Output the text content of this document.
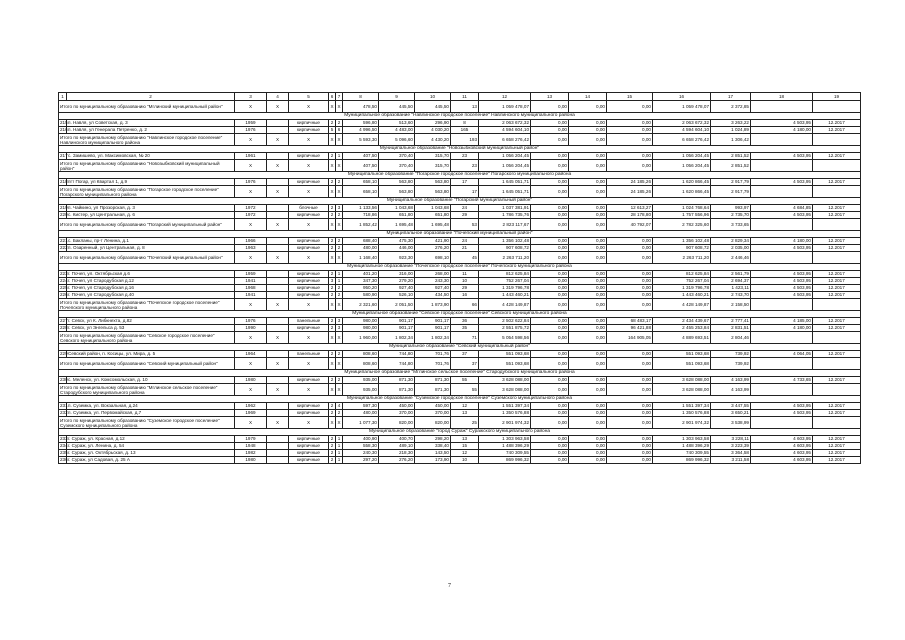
1	2	3	4	5	6	7	8	9	10	11	12	13	14	15	16	17	18	19
Итого по муниципальному образованию "Мглинский муниципальный район"		X	X	X	X	X	478,50	445,50	445,50	13	1 059 478,07	0,00	0,00	0,00	1 059 478,07	2 372,85		
Муниципальное образование "Навлинское городское поселение" Навлинского муниципального района																		
215	п. Навля, ул Советская, д. 3	1959		кирпичные	2	2	596,80	513,60	296,90	8	2 063 672,32	0,00	0,00	0,00	2 063 672,32	3 263,22	4 503,95	12.2017
216	п. Навля, ул Генерала Петренко, д. 2	1976		кирпичные	5	6	4 996,50	4 483,00	4 030,20	165	4 594 604,10	0,00	0,00	0,00	4 594 604,10	1 024,89	4 180,00	12.2017
Итого по муниципальному образованию "Навлинское городское поселение" Навлинского муниципального района		X	X	X	X	X	5 593,30	5 096,60	4 430,20	193	6 658 276,42	0,00	0,00	0,00	6 658 276,42	1 306,42		
Муниципальное образование "Новозыбковский муниципальный район"																		
217	с. Замишево, ул. Максимовская, № 20	1961		кирпичные	2	1	407,50	370,40	315,70	23	1 056 204,45	0,00	0,00	0,00	1 056 204,45	2 851,52	4 503,95	12.2017
Итого по муниципальному образованию "Новозыбковский муниципальный район"		X	X	X	X	X	407,50	370,40	315,70	23	1 056 204,45	0,00	0,00	0,00	1 056 204,45	2 851,52		
Муниципальное образование "Погарское городское поселение" Погарского муниципального района																		
218	пгт Погар, ул Квартал 1, д.9	1976		кирпичные	2	2	658,10	563,80	563,80	17	1 645 051,71	0,00	0,00	24 185,26	1 620 866,45	2 917,79	4 503,95	12.2017
Итого по муниципальному образованию "Погарское городское поселение" Погарского муниципального района		X	X	X	X	X	658,10	563,80	563,80	17	1 645 051,71	0,00	0,00	24 185,26	1 620 866,45	2 917,79		
Муниципальное образование "Погарский муниципальный район"																		
219	п. Чайкино, ул Прозорская, д. 3	1972		блочные	2	3	1 133,56	1 043,68	1 043,68	24	1 037 381,91	0,00	0,00	12 613,27	1 024 768,64	993,97	4 684,85	12.2017
220	с. Кистер, ул Центральная, д. 6	1972		кирпичные	2	2	718,86	651,80	651,80	29	1 786 735,76	0,00	0,00	28 178,80	1 757 556,96	2 735,70	4 503,95	12.2017
Итого по муниципальному образованию "Погарский муниципальный район"		X	X	X	X	X	1 852,42	1 695,48	1 695,48	53	2 823 117,67	0,00	0,00	40 792,07	2 782 325,60	3 733,65		
Муниципальное образование "Почепский муниципальный район"																		
221	с. Бакланы, пр-т Ленина, д.1	1966		кирпичные	2	2	688,40	475,30	421,90	24	1 356 102,48	0,00	0,00	0,00	1 356 102,48	2 829,34	4 180,00	12.2017
222	п. Озаренный, ул Центральная, д. 8	1963		кирпичные	2	2	480,00	446,00	276,20	21	907 608,72	0,00	0,00	0,00	907 608,72	2 035,00	4 503,95	12.2017
Итого по муниципальному образованию "Почепский муниципальный район"		X	X	X	X	X	1 168,40	923,30	698,10	45	2 263 711,20	0,00	0,00	0,00	2 263 711,20	2 446,46		
Муниципальное образование "Почепское городское поселение" Почепского муниципального района																		
223	г. Почеп, ул. Октябрьская д.6	1959		кирпичные	2	1	401,20	316,00	268,00	11	812 625,84	0,00	0,00	0,00	812 625,84	2 561,79	4 503,95	12.2017
224	г. Почеп, ул Стародубская д.12	1941		кирпичные	3	1	347,30	279,20	243,30	10	752 267,04	0,00	0,00	0,00	752 267,04	2 694,37	4 503,95	12.2017
225	г. Почеп, ул Стародубская д.16	1968		кирпичные	2	2	950,20	927,40	927,40	29	1 319 796,78	0,00	0,00	0,00	1 319 796,78	1 423,11	4 503,95	12.2017
226	г. Почеп, ул Стародубская д.40	1941		кирпичные	2	2	580,90	526,10	434,50	16	1 443 460,21	0,00	0,00	0,00	1 443 460,21	2 743,70	4 503,95	12.2017
Итого по муниципальному образованию "Почепское городское поселение" Почепского муниципального района		X	X	X	X	X	2 321,60	2 051,50	1 873,90	66	4 428 149,87	0,00	0,00	0,00	4 428 149,87	2 158,50		
Муниципальное образование "Севское городское поселение" Севского муниципального района																		
227	г. Севск, ул К. Либкнехта, д.82	1976		панельные	2	3	980,00	901,17	901,17	36	2 502 622,84	0,00	0,00	68 483,17	2 434 439,67	2 777,41	4 185,00	12.2017
228	г. Севск, ул Энгельса д. 53	1990		кирпичные	2	3	980,00	901,17	901,17	35	2 551 875,72	0,00	0,00	96 421,88	2 455 253,84	2 831,51	4 180,00	12.2017
Итого по муниципальному образованию "Севское городское поселение" Севского муниципального района		X	X	X	X	X	1 960,00	1 802,34	1 802,34	71	5 054 598,56	0,00	0,00	164 905,05	4 889 693,51	2 804,46		
Муниципальное образование "Севский муниципальный район"																		
229	Севский район, п. Косицы, ул. Мира, д. 5	1964		панельные	2	2	808,60	744,80	701,76	37	551 093,68	0,00	0,00	0,00	551 093,68	739,92	4 064,05	12.2017
Итого по муниципальному образованию "Севский муниципальный район"		X	X	X	X	X	808,60	744,80	701,76	37	551 093,68	0,00	0,00	0,00	551 093,68	739,92		
Муниципальное образование "Мглинское сельское поселение" Стародубского муниципального района																		
230	с. Меленск, ул. Комсомольская, д. 10	1980		кирпичные	2	2	935,00	871,30	871,30	55	3 628 088,00	0,00	0,00	0,00	3 628 088,00	4 163,99	4 733,65	12.2017
Итого по муниципальному образованию "Мглинское сельское поселение" Стародубского муниципального района		X	X	X	X	X	935,00	871,30	871,30	55	3 628 088,00	0,00	0,00	0,00	3 628 088,00	4 163,99		
Муниципальное образование "Суземское городское поселение" Суземского муниципального района																		
231	п. Суземка, ул. Вокзальная, д.24	1962		кирпичные	2	4	597,30	450,00	450,00	12	1 551 397,34	0,00	0,00	0,00	1 551 397,34	3 447,55	4 503,95	12.2017
232	п. Суземка, ул. Первомайская, д.7	1969		кирпичные	2	2	480,00	370,00	370,00	13	1 350 576,88	0,00	0,00	0,00	1 350 576,88	3 650,21	4 503,95	12.2017
Итого по муниципальному образованию "Суземское городское поселение" Суземского муниципального района		X	X	X	X	X	1 077,30	820,00	820,00	25	2 901 974,32	0,00	0,00	0,00	2 901 974,32	3 538,99		
Муниципальное образование "город Сураж" Суражского муниципального района																		
233	г. Сураж, ул. Красная, д.12	1979		кирпичные	2	1	400,90	400,70	298,20	13	1 303 963,58	0,00	0,00	0,00	1 303 963,58	3 228,11	4 603,95	12.2017
234	г. Сураж, ул. Ленина, д. 54	1948		кирпичные	2	1	558,30	489,10	338,40	15	1 488 396,29	0,00	0,00	0,00	1 488 396,29	3 223,39	4 603,95	12.2017
235	г. Сураж, ул. Октябрьская, д. 13	1982		кирпичные	2	1	240,30	218,30	143,50	12	740 309,55	0,00	0,00	0,00	740 309,55	3 364,58	4 603,95	12.2017
236	г. Сураж, ул Садовая, д. 25 А	1980		кирпичные	2	1	297,20	276,20	173,90	10	869 996,32	0,00	0,00	0,00	869 996,32	3 211,58	4 603,95	12.2017
7
